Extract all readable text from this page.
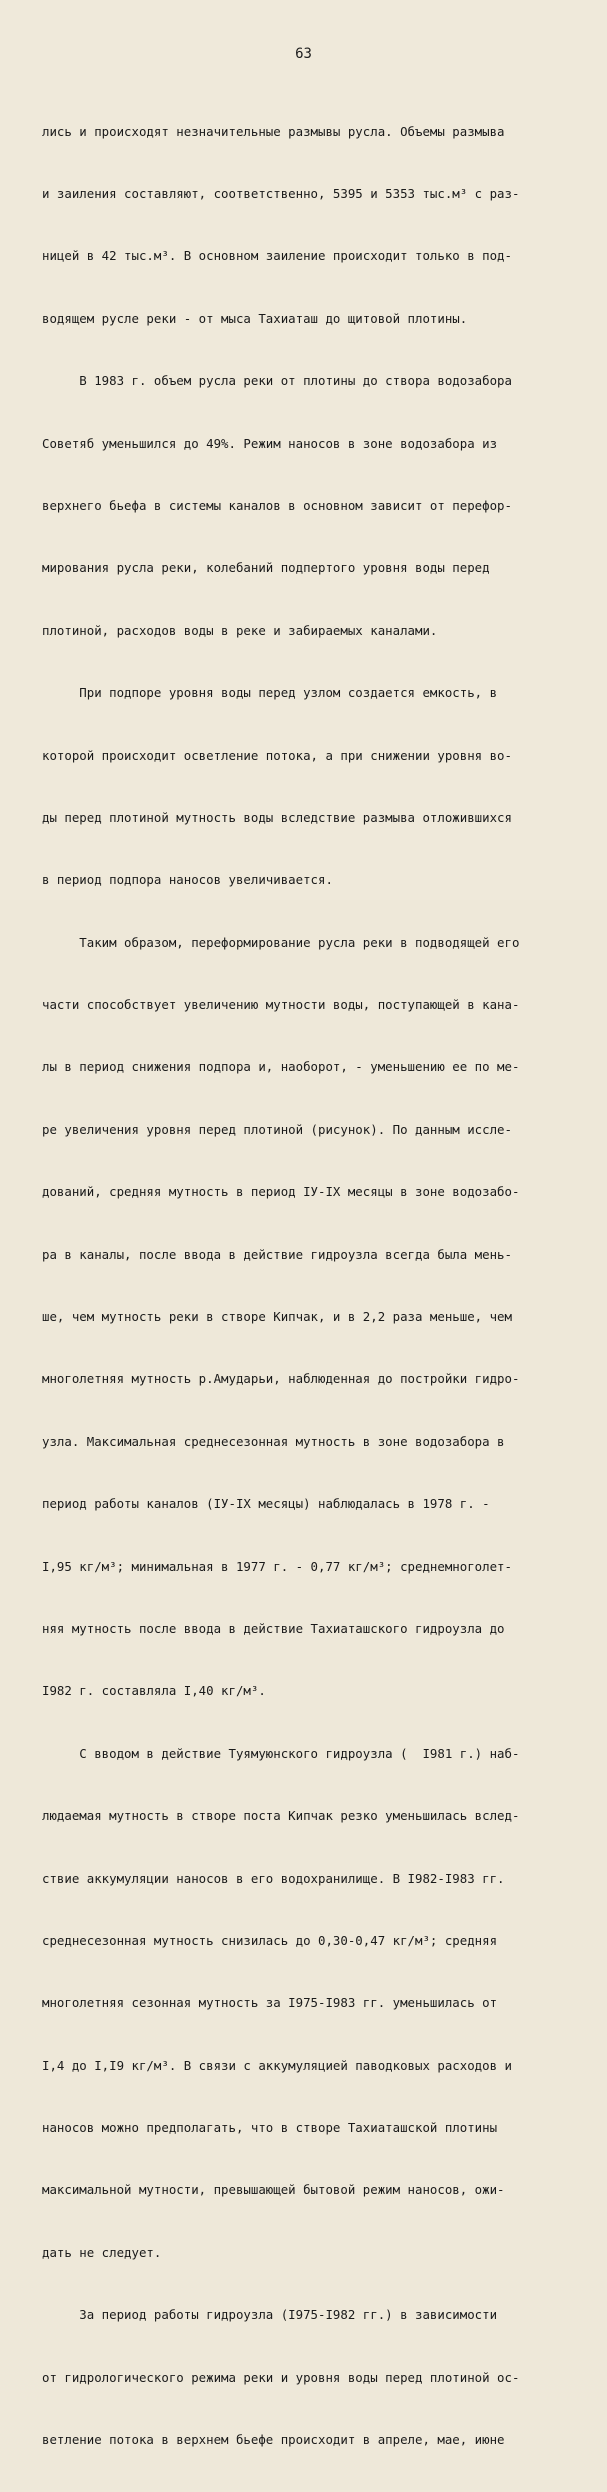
63

лись и происходят незначительные размывы русла. Объемы размыва

и заиления составляют, соответственно, 5395 и 5353 тыс.м³ с раз-

ницей в 42 тыс.м³. В основном заиление происходит только в под-

водящем русле реки - от мыса Тахиаташ до щитовой плотины.

В 1983 г. объем русла реки от плотины до створа водозабора

Советяб уменьшился до 49%. Режим наносов в зоне водозабора из

верхнего бьефа в системы каналов в основном зависит от перефор-

мирования русла реки, колебаний подпертого уровня воды перед

плотиной, расходов воды в реке и забираемых каналами.

При подпоре уровня воды перед узлом создается емкость, в

которой происходит осветление потока, а при снижении уровня во-

ды перед плотиной мутность воды вследствие размыва отложившихся

в период подпора наносов увеличивается.

Таким образом, переформирование русла реки в подводящей его

части способствует увеличению мутности воды, поступающей в кана-

лы в период снижения подпора и, наоборот, - уменьшению ее по ме-

ре увеличения уровня перед плотиной (рисунок). По данным иссле-

дований, средняя мутность в период IУ-IX месяцы в зоне водозабо-

ра в каналы, после ввода в действие гидроузла всегда была мень-

ше, чем мутность реки в створе Кипчак, и в 2,2 раза меньше, чем

многолетняя мутность р.Амударьи, наблюденная до постройки гидро-

узла. Максимальная среднесезонная мутность в зоне водозабора в

период работы каналов (IУ-IX месяцы) наблюдалась в 1978 г. -

I,95 кг/м³; минимальная в 1977 г. - 0,77 кг/м³; среднемноголет-

няя мутность после ввода в действие Тахиаташского гидроузла до

I982 г. составляла I,40 кг/м³.

С вводом в действие Туямуюнского гидроузла (  I981 г.) наб-

людаемая мутность в створе поста Кипчак резко уменьшилась вслед-

ствие аккумуляции наносов в его водохранилище. В I982-I983 гг.

среднесезонная мутность снизилась до 0,30-0,47 кг/м³; средняя

многолетняя сезонная мутность за I975-I983 гг. уменьшилась от

I,4 до I,I9 кг/м³. В связи с аккумуляцией паводковых расходов и

наносов можно предполагать, что в створе Тахиаташской плотины

максимальной мутности, превышающей бытовой режим наносов, ожи-

дать не следует.

За период работы гидроузла (I975-I982 гг.) в зависимости

от гидрологического режима реки и уровня воды перед плотиной ос-

ветление потока в верхнем бьефе происходит в апреле, мае, июне
